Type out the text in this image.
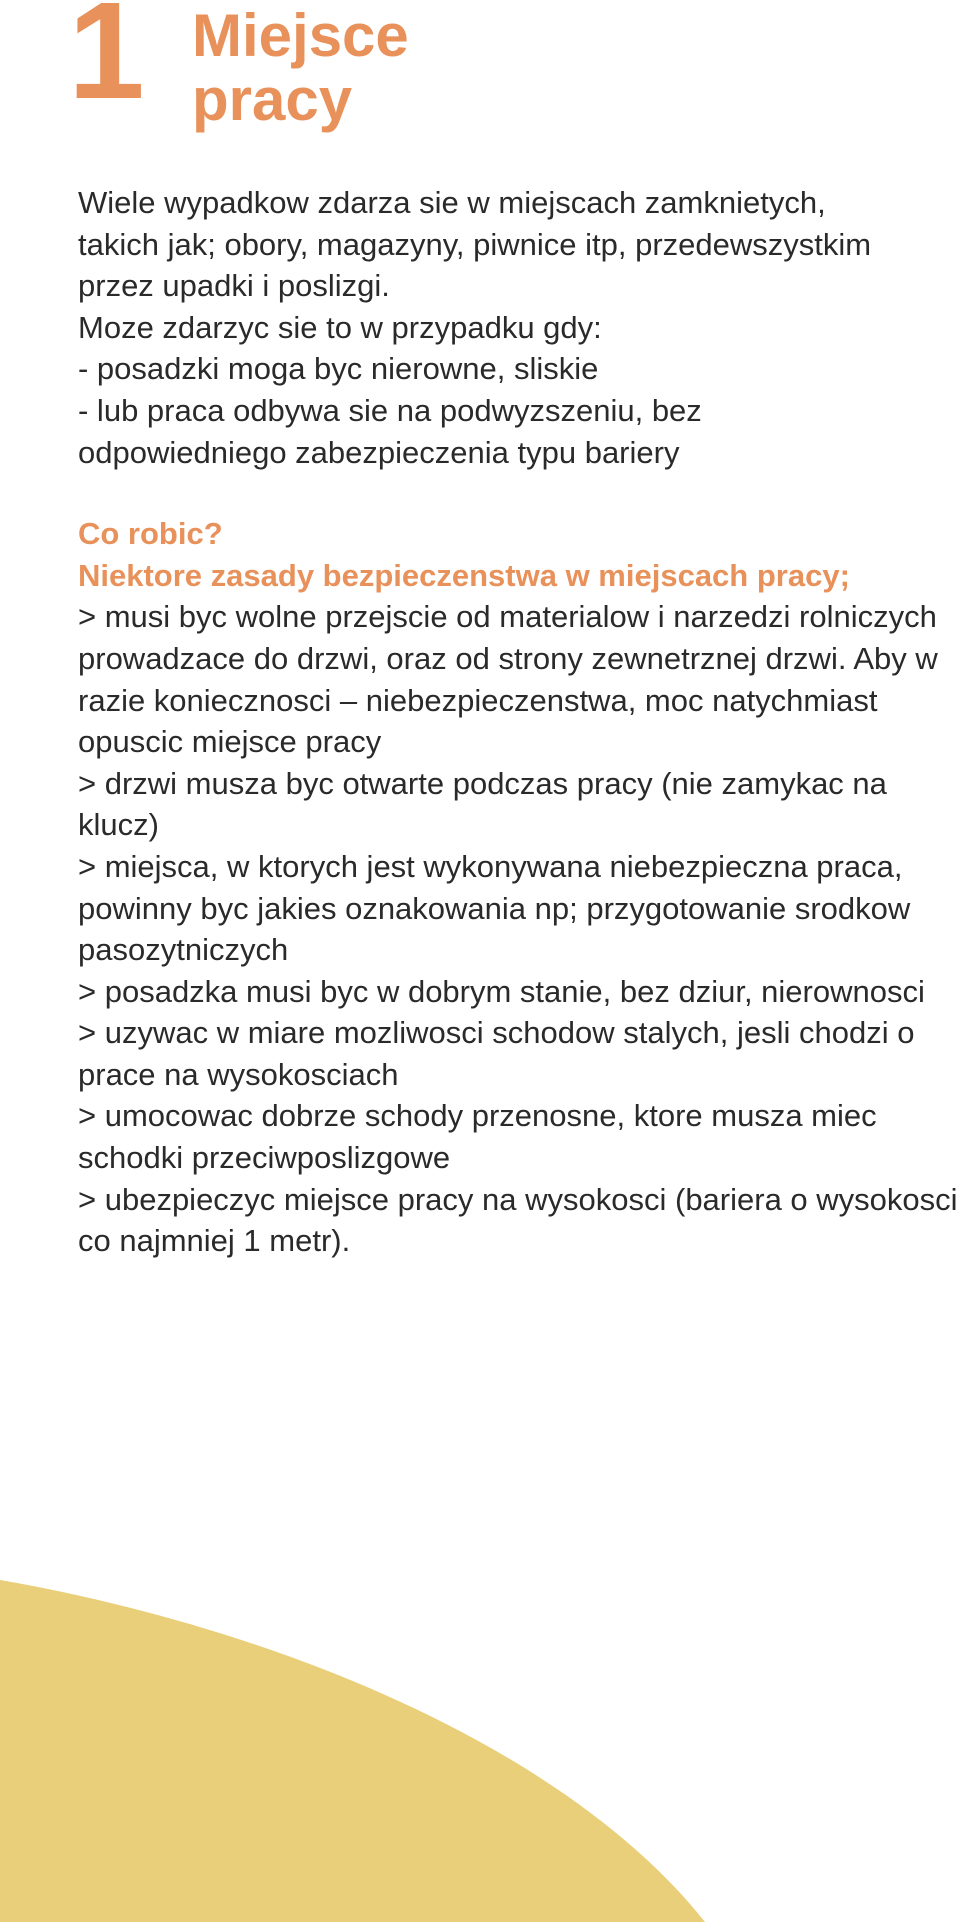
1 Miejsce
pracy

Wiele wypadkow zdarza sie w miejscach zamknietych,

takich jak; obory, magazyny, piwnice itp, przedewszystkim

przez upadki i poslizgi.

Moze zdarzyc sie to w przypadku gdy:

- posadzki moga byc nierowne, sliskie

- lub praca odbywa sie na podwyzszeniu, bez

odpowiedniego zabezpieczenia typu bariery

Co robic?

Niektore zasady bezpieczenstwa w miejscach pracy;

> musi byc wolne przejscie od materialow i narzedzi rolniczych prowadzace do drzwi, oraz od strony zewnetrznej drzwi. Aby w razie koniecznosci – niebezpieczenstwa, moc natychmiast opuscic miejsce pracy

> drzwi musza byc otwarte podczas pracy (nie zamykac na klucz)

> miejsca, w ktorych jest wykonywana niebezpieczna praca, powinny byc jakies oznakowania np; przygotowanie srodkow pasozytniczych

> posadzka musi byc w dobrym stanie, bez dziur, nierownosci

> uzywac w miare mozliwosci schodow stalych, jesli chodzi o prace na wysokosciach

> umocowac dobrze schody przenosne, ktore musza miec schodki przeciwposlizgowe

> ubezpieczyc miejsce pracy na wysokosci (bariera o wysokosci co najmniej 1 metr).
